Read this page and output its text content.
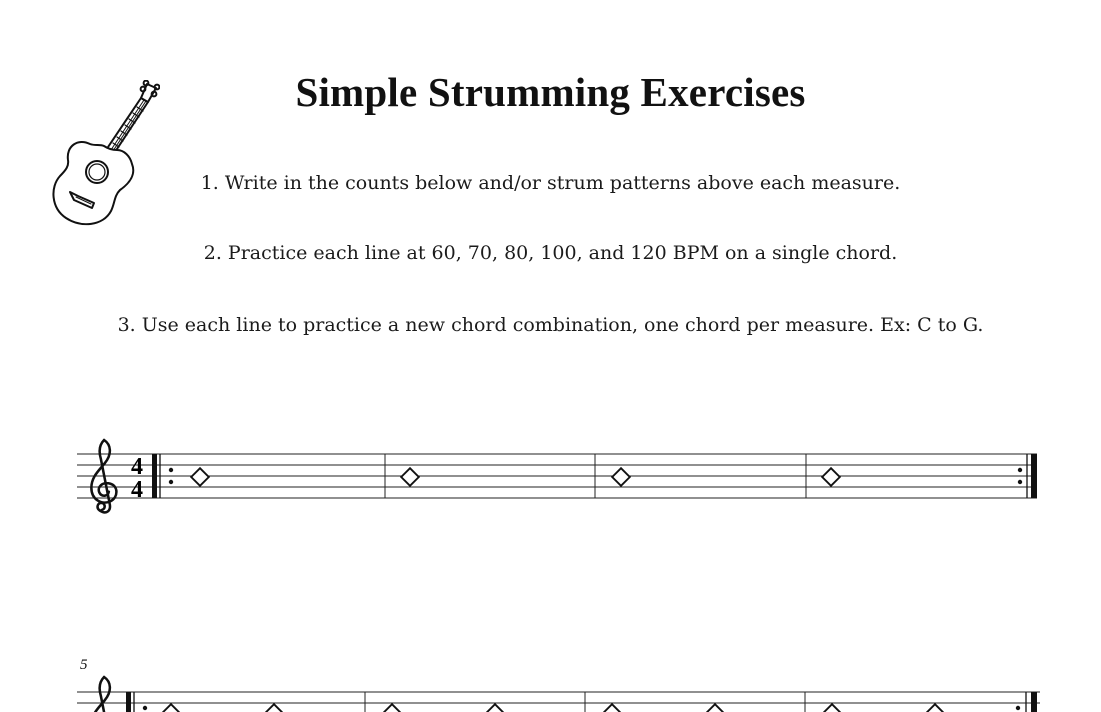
Simple Strumming Exercises
1. Write in the counts below and/or strum patterns above each measure.
2. Practice each line at 60, 70, 80, 100, and 120 BPM on a single chord.
3. Use each line to practice a new chord combination, one chord per measure. Ex: C to G.
4
4
5
